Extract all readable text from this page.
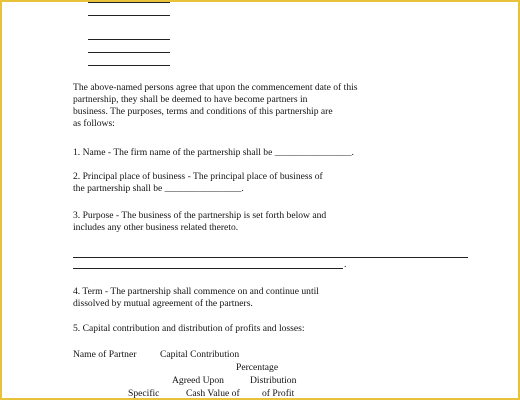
The above-named persons agree that upon the commencement date of this
partnership, they shall be deemed to have become partners in
business. The purposes, terms and conditions of this partnership are
as follows:
1. Name - The firm name of the partnership shall be ________________.
2. Principal place of business - The principal place of business of
the partnership shall be ________________.
3. Purpose - The business of the partnership is set forth below and
includes any other business related thereto.
.
4. Term - The partnership shall commence on and continue until
dissolved by mutual agreement of the partners.
5. Capital contribution and distribution of profits and losses:
Name of Partner Capital Contribution
Percentage
Agreed Upon	Distribution
Specific	Cash Value of of Profit
